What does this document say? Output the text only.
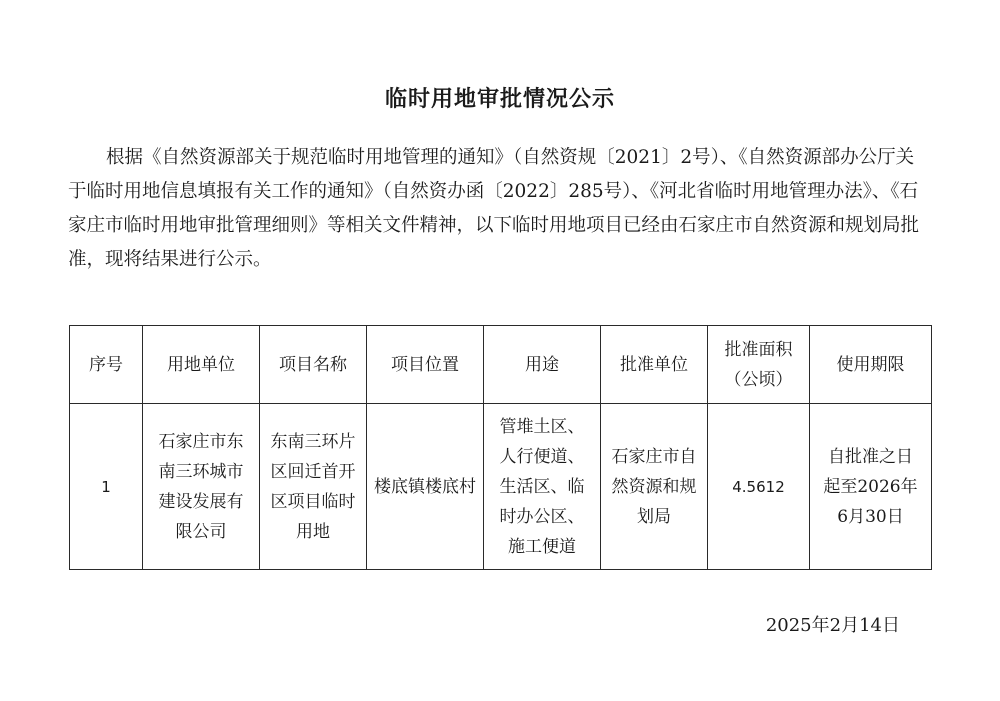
临时用地审批情况公示
根据《自然资源部关于规范临时用地管理的通知》（自然资规〔2021〕2号）、《自然资源部办公厅关
于临时用地信息填报有关工作的通知》（自然资办函〔2022〕285号）、《河北省临时用地管理办法》、《石
家庄市临时用地审批管理细则》等相关文件精神，以下临时用地项目已经由石家庄市自然资源和规划局批
准，现将结果进行公示。
序号	用地单位	项目名称	项目位置	用途	批准单位	批准面积（公顷）	使用期限
1	石家庄市东南三环城市建设发展有限公司	东南三环片区回迁首开区项目临时用地	楼底镇楼底村	管堆土区、人行便道、生活区、临时办公区、施工便道	石家庄市自然资源和规划局	4.5612	自批准之日起至2026年6月30日
2025年2月14日
